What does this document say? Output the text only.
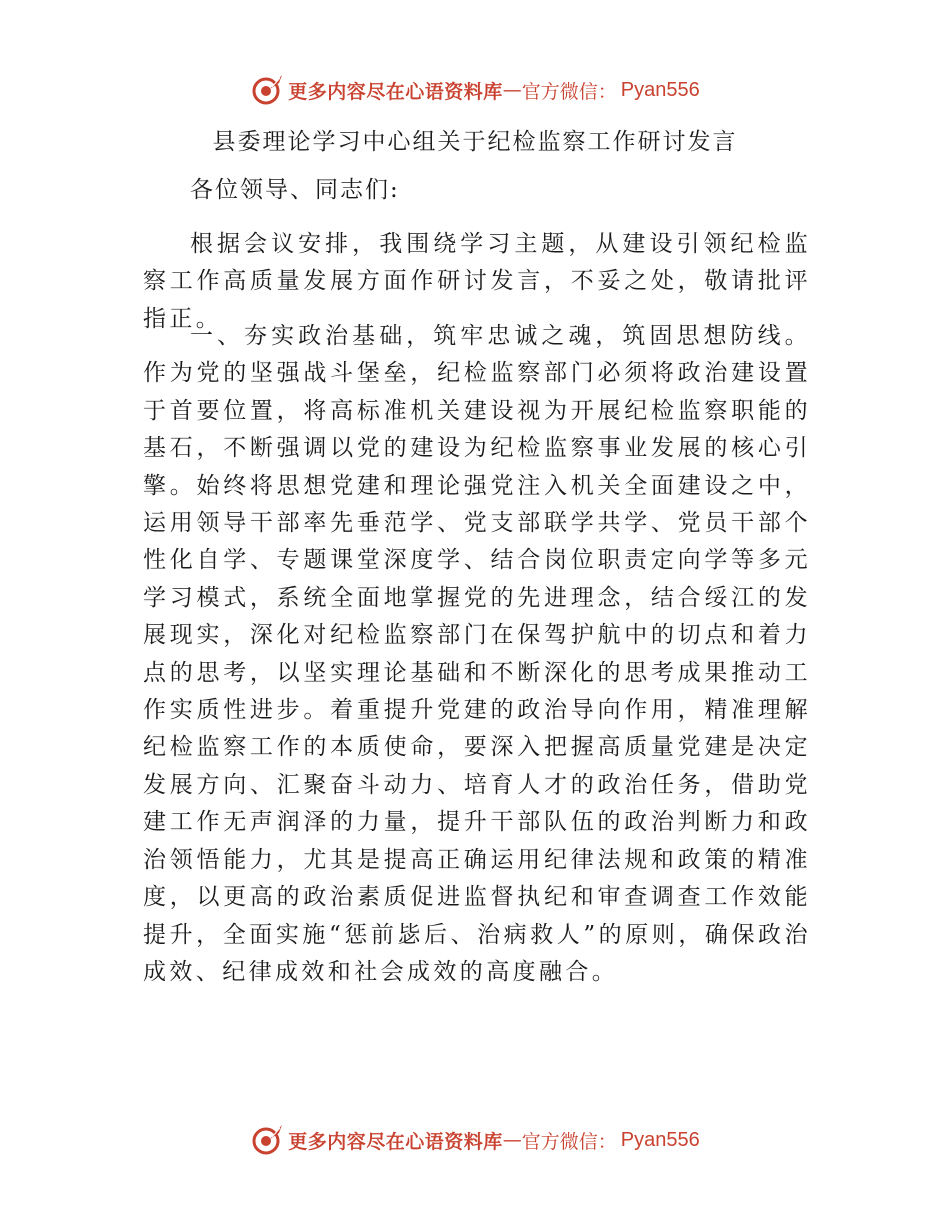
更多内容尽在心语资料库 — 官方微信： Pyan556
县委理论学习中心组关于纪检监察工作研讨发言

各位领导、同志们:

根据会议安排，我围绕学习主题，从建设引领纪检监察工作高质量发展方面作研讨发言，不妥之处，敬请批评指正。

一、夯实政治基础，筑牢忠诚之魂，筑固思想防线。作为党的坚强战斗堡垒，纪检监察部门必须将政治建设置于首要位置，将高标准机关建设视为开展纪检监察职能的基石，不断强调以党的建设为纪检监察事业发展的核心引擎。始终将思想党建和理论强党注入机关全面建设之中，运用领导干部率先垂范学、党支部联学共学、党员干部个性化自学、专题课堂深度学、结合岗位职责定向学等多元学习模式，系统全面地掌握党的先进理念，结合绥江的发展现实，深化对纪检监察部门在保驾护航中的切点和着力点的思考，以坚实理论基础和不断深化的思考成果推动工作实质性进步。着重提升党建的政治导向作用，精准理解纪检监察工作的本质使命，要深入把握高质量党建是决定发展方向、汇聚奋斗动力、培育人才的政治任务，借助党建工作无声润泽的力量，提升干部队伍的政治判断力和政治领悟能力，尤其是提高正确运用纪律法规和政策的精准度，以更高的政治素质促进监督执纪和审查调查工作效能提升，全面实施“惩前毖后、治病救人”的原则，确保政治成效、纪律成效和社会成效的高度融合。

更多内容尽在心语资料库 — 官方微信： Pyan556
